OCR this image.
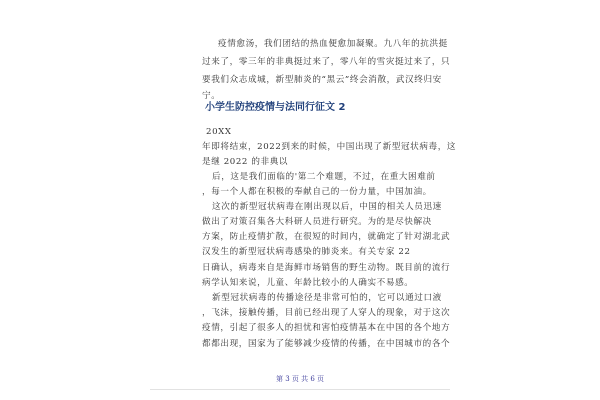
疫情愈汤，我们团结的热血便愈加凝聚。九八年的抗洪挺
过来了，零三年的非典挺过来了，零八年的雪灾挺过来了，只
要我们众志成城，新型肺炎的“黑云”终会消散，武汉终归安
宁。
小学生防控疫情与法同行征文 2
20XX
年即将结束，2022到来的时候，中国出现了新型冠状病毒，这
是继 2022 的非典以
后，这是我们面临的'第二个难题，不过，在重大困难前
，每一个人都在积极的奉献自己的一份力量，中国加油。
这次的新型冠状病毒在刚出现以后，中国的相关人员迅速
做出了对策召集各大科研人员进行研究。为的是尽快解决
方案，防止疫情扩散，在很短的时间内，就确定了针对湖北武
汉发生的新型冠状病毒感染的肺炎来。有关专家 22
日确认，病毒来自是海鲜市场销售的野生动物。既目前的流行
病学认知来说，儿童、年龄比较小的人确实不易感。
新型冠状病毒的传播途径是非常可怕的，它可以通过口液
，飞沫，接触传播，目前已经出现了人穿人的现象，对于这次
疫情，引起了很多人的担忧和害怕疫情基本在中国的各个地方
都都出现，国家为了能够减少疫情的传播，在中国城市的各个
第 3 页 共 6 页
